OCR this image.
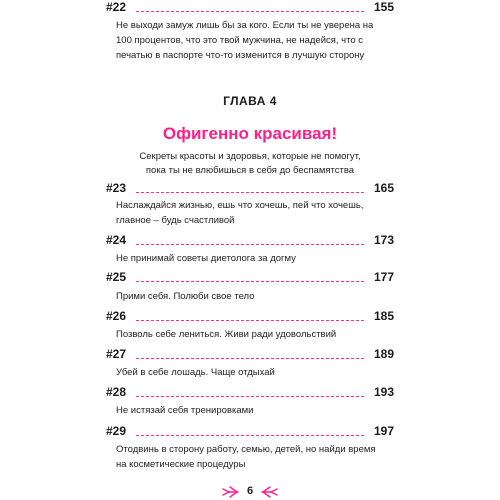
#22	155
Не выходи замуж лишь бы за кого. Если ты не уверена на 100 процентов, что это твой мужчина, не надейся, что с печатью в паспорте что-то изменится в лучшую сторону
ГЛАВА 4
Офигенно красивая!
Секреты красоты и здоровья, которые не помогут, пока ты не влюбишься в себя до беспамятства
#23	165
Наслаждайся жизнью, ешь что хочешь, пей что хочешь, главное – будь счастливой
#24	173
Не принимай советы диетолога за догму
#25	177
Прими себя. Полюби свое тело
#26	185
Позволь себе лениться. Живи ради удовольствий
#27	189
Убей в себе лошадь. Чаще отдыхай
#28	193
Не истязай себя тренировками
#29	197
Отодвинь в сторону работу, семью, детей, но найди время на косметические процедуры
6
